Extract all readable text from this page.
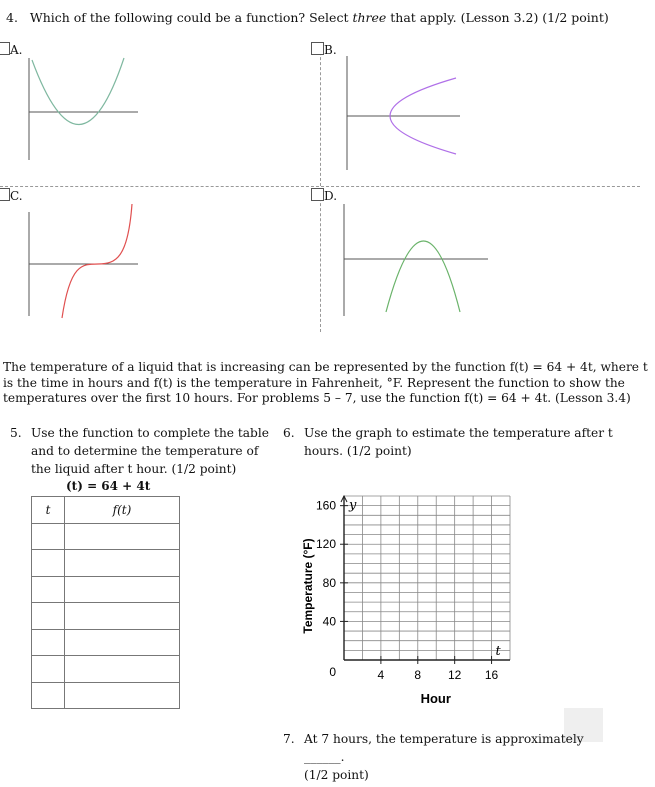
4. Which of the following could be a function? Select three that apply. (Lesson 3.2) (1/2 point)
A.	B.
C.	D.
The temperature of a liquid that is increasing can be represented by the function f(t) = 64 + 4t, where t is the time in hours and f(t) is the temperature in Fahrenheit, °F. Represent the function to show the temperatures over the first 10 hours. For problems 5 – 7, use the function f(t) = 64 + 4t. (Lesson 3.4)
5. Use the function to complete the table and to determine the temperature of the liquid after t hour. (1/2 point)
(t) = 64 + 4t
t	f(t)

6. Use the graph to estimate the temperature after t hours. (1/2 point)
Temperature (°F) 40
80
120
160
4	8 12 16
0
y
t
Hour
7. At 7 hours, the temperature is approximately ______.
(1/2 point)
